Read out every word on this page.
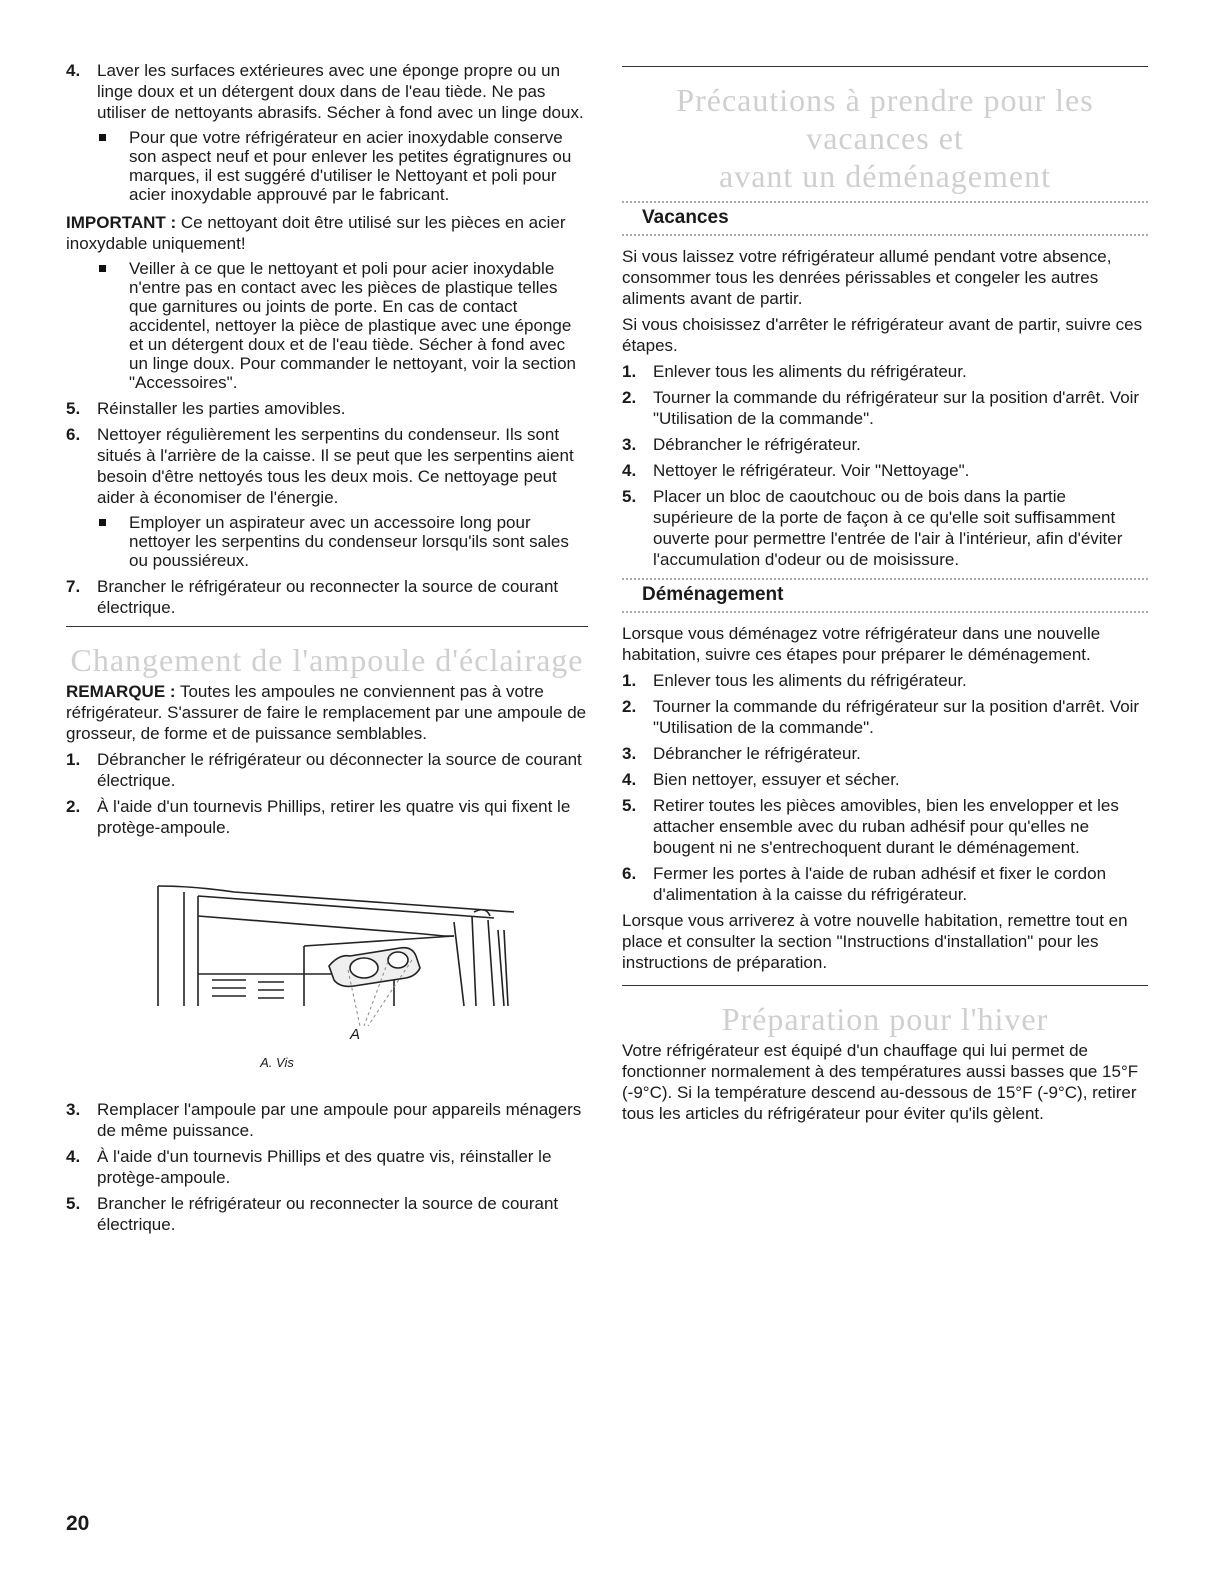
4. Laver les surfaces extérieures avec une éponge propre ou un linge doux et un détergent doux dans de l'eau tiède. Ne pas utiliser de nettoyants abrasifs. Sécher à fond avec un linge doux.
Pour que votre réfrigérateur en acier inoxydable conserve son aspect neuf et pour enlever les petites égratignures ou marques, il est suggéré d'utiliser le Nettoyant et poli pour acier inoxydable approuvé par le fabricant.

IMPORTANT : Ce nettoyant doit être utilisé sur les pièces en acier inoxydable uniquement!

Veiller à ce que le nettoyant et poli pour acier inoxydable n'entre pas en contact avec les pièces de plastique telles que garnitures ou joints de porte. En cas de contact accidentel, nettoyer la pièce de plastique avec une éponge et un détergent doux et de l'eau tiède. Sécher à fond avec un linge doux. Pour commander le nettoyant, voir la section "Accessoires".
5. Réinstaller les parties amovibles.
6. Nettoyer régulièrement les serpentins du condenseur. Ils sont situés à l'arrière de la caisse. Il se peut que les serpentins aient besoin d'être nettoyés tous les deux mois. Ce nettoyage peut aider à économiser de l'énergie.
Employer un aspirateur avec un accessoire long pour nettoyer les serpentins du condenseur lorsqu'ils sont sales ou poussiéreux.
7. Brancher le réfrigérateur ou reconnecter la source de courant électrique.
Changement de l'ampoule d'éclairage

REMARQUE : Toutes les ampoules ne conviennent pas à votre réfrigérateur. S'assurer de faire le remplacement par une ampoule de grosseur, de forme et de puissance semblables.

1. Débrancher le réfrigérateur ou déconnecter la source de courant électrique.
2. À l'aide d'un tournevis Phillips, retirer les quatre vis qui fixent le protège-ampoule.
A
A. Vis
3. Remplacer l'ampoule par une ampoule pour appareils ménagers de même puissance.
4. À l'aide d'un tournevis Phillips et des quatre vis, réinstaller le protège-ampoule.
5. Brancher le réfrigérateur ou reconnecter la source de courant électrique.
Précautions à prendre pour les vacances et
avant un déménagement
Vacances

Si vous laissez votre réfrigérateur allumé pendant votre absence, consommer tous les denrées périssables et congeler les autres aliments avant de partir.

Si vous choisissez d'arrêter le réfrigérateur avant de partir, suivre ces étapes.

1. Enlever tous les aliments du réfrigérateur.
2. Tourner la commande du réfrigérateur sur la position d'arrêt. Voir "Utilisation de la commande".
3. Débrancher le réfrigérateur.
4. Nettoyer le réfrigérateur. Voir "Nettoyage".
5. Placer un bloc de caoutchouc ou de bois dans la partie supérieure de la porte de façon à ce qu'elle soit suffisamment ouverte pour permettre l'entrée de l'air à l'intérieur, afin d'éviter l'accumulation d'odeur ou de moisissure.
Déménagement

Lorsque vous déménagez votre réfrigérateur dans une nouvelle habitation, suivre ces étapes pour préparer le déménagement.

1. Enlever tous les aliments du réfrigérateur.
2. Tourner la commande du réfrigérateur sur la position d'arrêt. Voir "Utilisation de la commande".
3. Débrancher le réfrigérateur.
4. Bien nettoyer, essuyer et sécher.
5. Retirer toutes les pièces amovibles, bien les envelopper et les attacher ensemble avec du ruban adhésif pour qu'elles ne bougent ni ne s'entrechoquent durant le déménagement.
6. Fermer les portes à l'aide de ruban adhésif et fixer le cordon d'alimentation à la caisse du réfrigérateur.

Lorsque vous arriverez à votre nouvelle habitation, remettre tout en place et consulter la section "Instructions d'installation" pour les instructions de préparation.

Préparation pour l'hiver

Votre réfrigérateur est équipé d'un chauffage qui lui permet de fonctionner normalement à des températures aussi basses que 15°F (-9°C). Si la température descend au-dessous de 15°F (-9°C), retirer tous les articles du réfrigérateur pour éviter qu'ils gèlent.

20
